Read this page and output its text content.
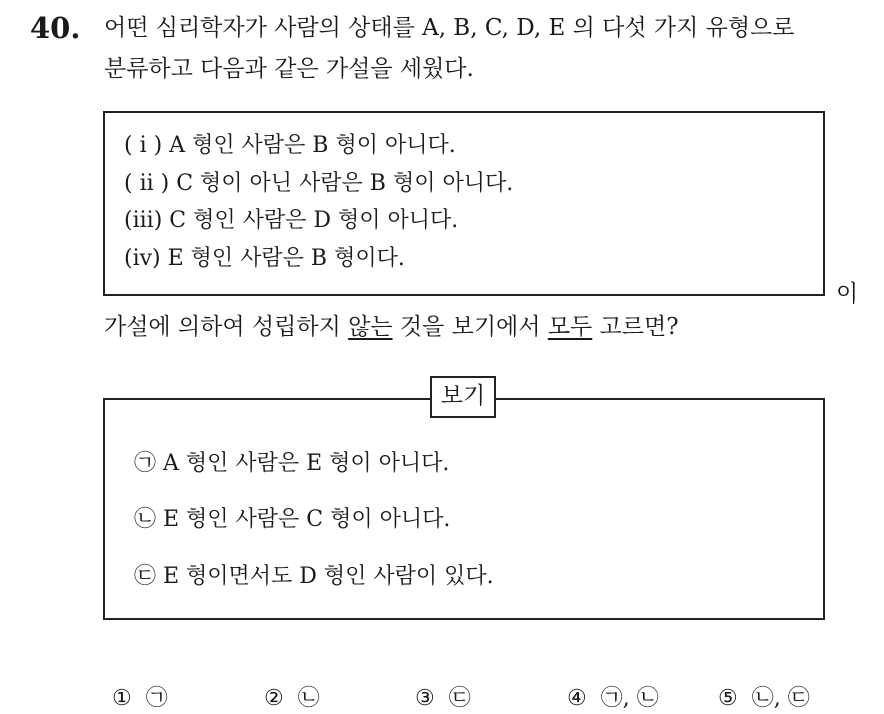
40. 어떤 심리학자가 사람의 상태를 A, B, C, D, E 의 다섯 가지 유형으로
분류하고 다음과 같은 가설을 세웠다.
( i ) A 형인 사람은 B 형이 아니다.
( ii ) C 형이 아닌 사람은 B 형이 아니다.
(iii) C 형인 사람은 D 형이 아니다.
(iv) E 형인 사람은 B 형이다.
이
가설에 의하여 성립하지 않는 것을 보기에서 모두 고르면?
보기
㉠ A 형인 사람은 E 형이 아니다.
㉡ E 형인 사람은 C 형이 아니다.
㉢ E 형이면서도 D 형인 사람이 있다.
① ㉠	② ㉡	③ ㉢	④ ㉠, ㉡	⑤ ㉡, ㉢
